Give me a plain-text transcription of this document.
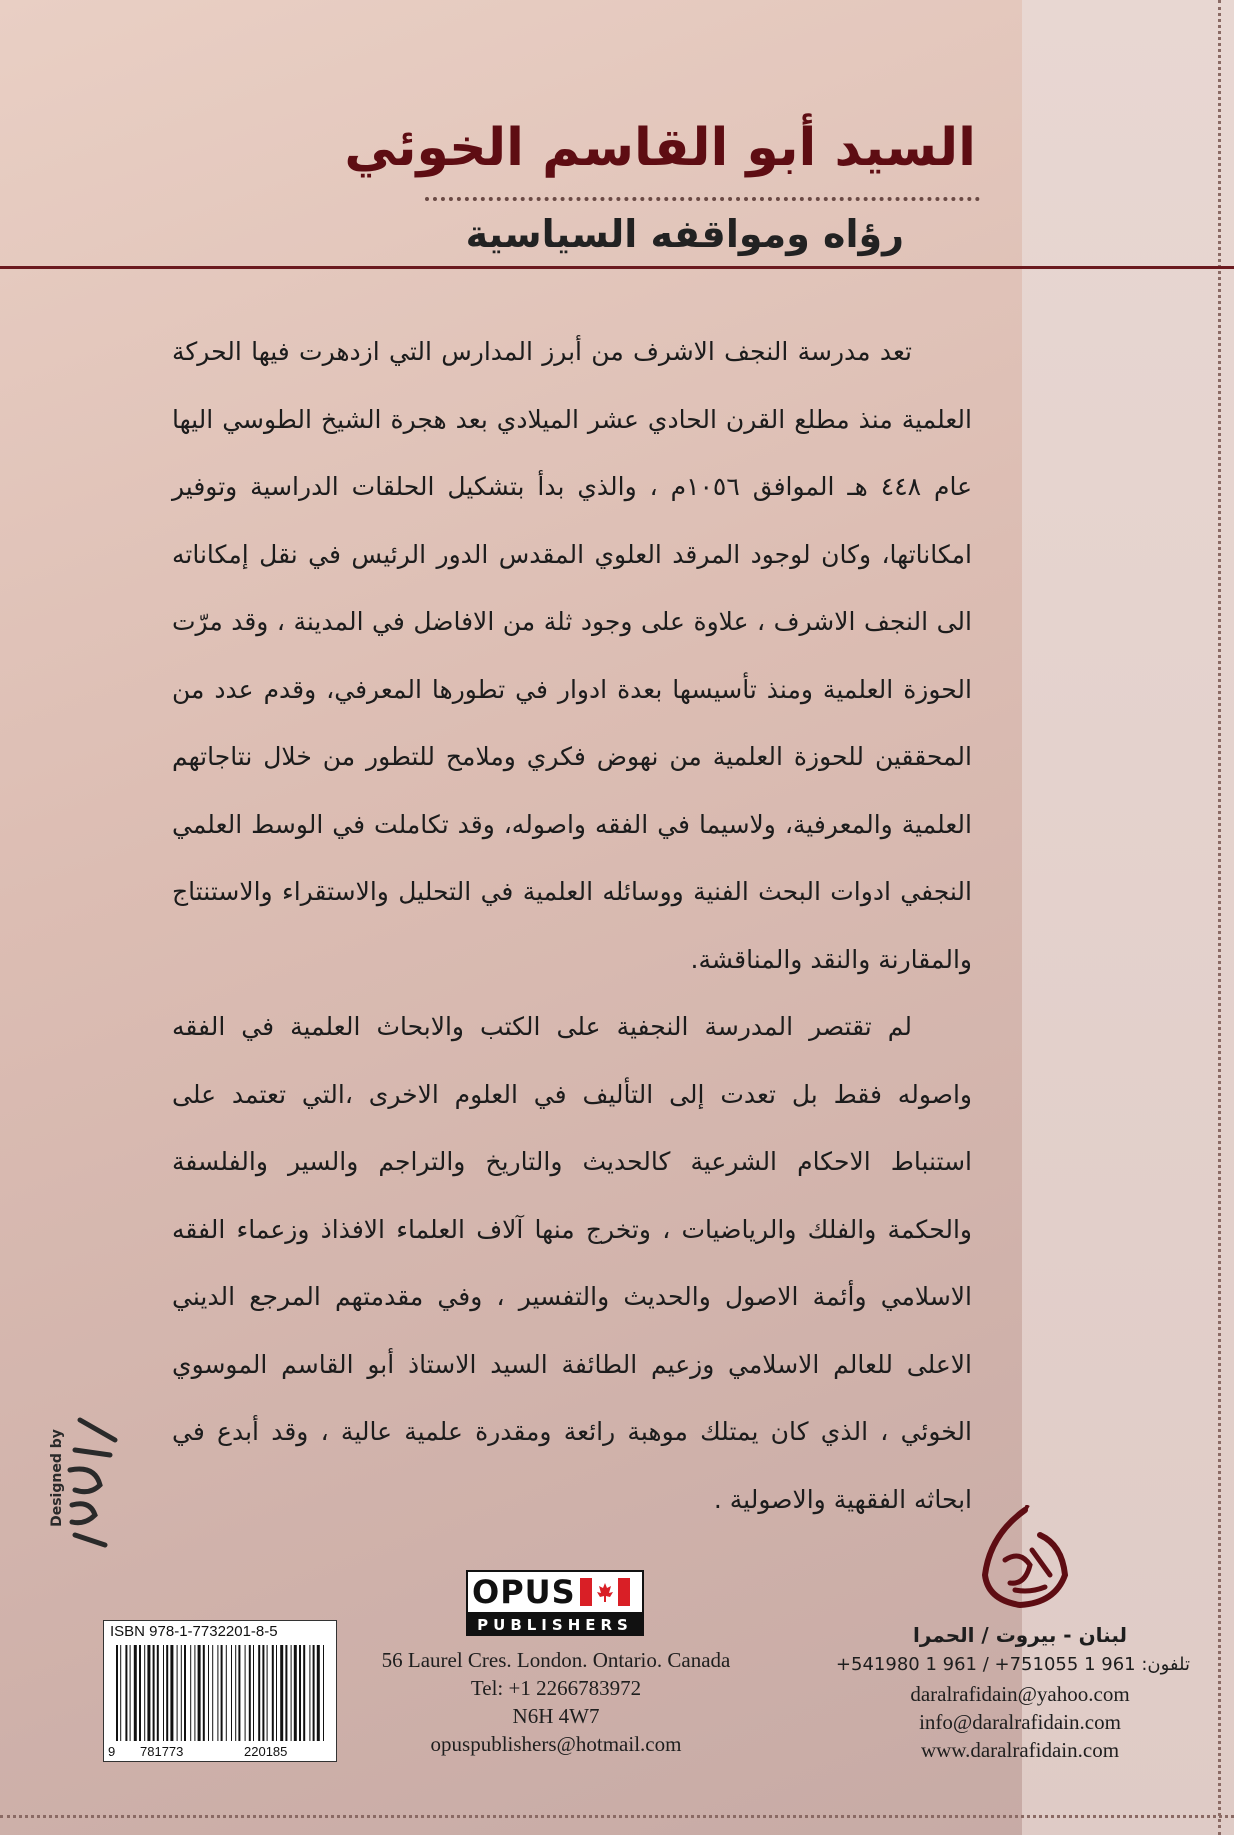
السيد أبو القاسم الخوئي
رؤاه ومواقفه السياسية

تعد مدرسة النجف الاشرف من أبرز المدارس التي ازدهرت فيها الحركة العلمية منذ مطلع القرن الحادي عشر الميلادي بعد هجرة الشيخ الطوسي اليها عام ٤٤٨ هـ الموافق ١٠٥٦م ، والذي بدأ بتشكيل الحلقات الدراسية وتوفير امكاناتها، وكان لوجود المرقد العلوي المقدس الدور الرئيس في نقل إمكاناته الى النجف الاشرف ، علاوة على وجود ثلة من الافاضل في المدينة ، وقد مرّت الحوزة العلمية ومنذ تأسيسها بعدة ادوار في تطورها المعرفي، وقدم عدد من المحققين للحوزة العلمية من نهوض فكري وملامح للتطور من خلال نتاجاتهم العلمية والمعرفية، ولاسيما في الفقه واصوله، وقد تكاملت في الوسط العلمي النجفي ادوات البحث الفنية ووسائله العلمية في التحليل والاستقراء والاستنتاج والمقارنة والنقد والمناقشة.

لم تقتصر المدرسة النجفية على الكتب والابحاث العلمية في الفقه واصوله فقط بل تعدت إلى التأليف في العلوم الاخرى ،التي تعتمد على استنباط الاحكام الشرعية كالحديث والتاريخ والتراجم والسير والفلسفة والحكمة والفلك والرياضيات ، وتخرج منها آلاف العلماء الافذاذ وزعماء الفقه الاسلامي وأئمة الاصول والحديث والتفسير ، وفي مقدمتهم المرجع الديني الاعلى للعالم الاسلامي وزعيم الطائفة السيد الاستاذ أبو القاسم الموسوي الخوئي ، الذي كان يمتلك موهبة رائعة ومقدرة علمية عالية ، وقد أبدع في ابحاثه الفقهية والاصولية .

Designed by
OPUS
PUBLISHERS
56 Laurel Cres. London. Ontario. Canada
Tel: +1 2266783972
N6H 4W7
opuspublishers@hotmail.com
ISBN 978-1-7732201-8-5
9 781773	220185
لبنان - بيروت / الحمرا
تلفون: 961 1 751055+ / 961 1 541980+
daralrafidain@yahoo.com
info@daralrafidain.com
www.daralrafidain.com
